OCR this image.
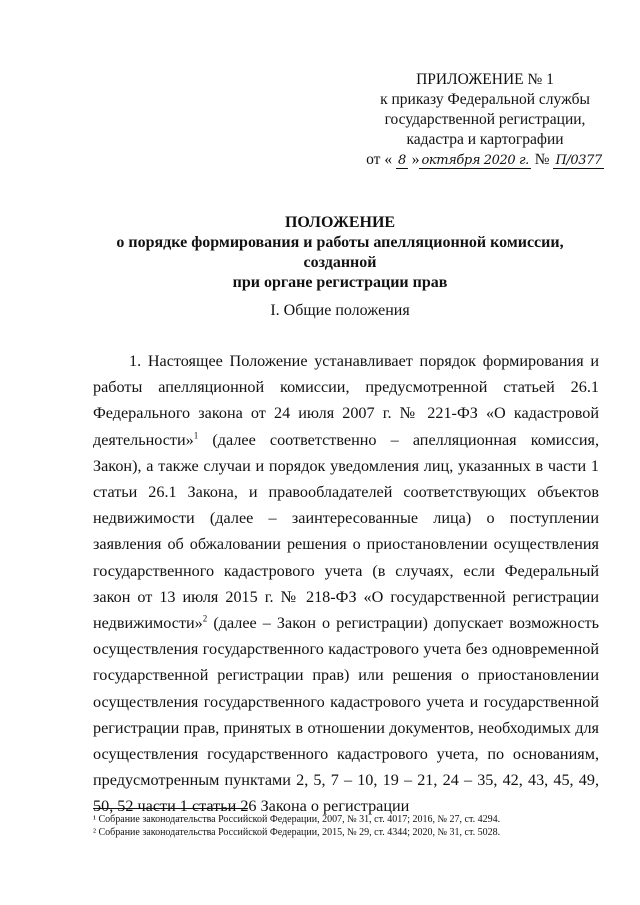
ПРИЛОЖЕНИЕ № 1
к приказу Федеральной службы
государственной регистрации,
кадастра и картографии
от « 8 » октября 2020 г. № П/0377
ПОЛОЖЕНИЕ
о порядке формирования и работы апелляционной комиссии, созданной
при органе регистрации прав
I. Общие положения

1. Настоящее Положение устанавливает порядок формирования и работы апелляционной комиссии, предусмотренной статьей 26.1 Федерального закона от 24 июля 2007 г. № 221-ФЗ «О кадастровой деятельности»$^1$ (далее соответственно – апелляционная комиссия, Закон), а также случаи и порядок уведомления лиц, указанных в части 1 статьи 26.1 Закона, и правообладателей соответствующих объектов недвижимости (далее – заинтересованные лица) о поступлении заявления об обжаловании решения о приостановлении осуществления государственного кадастрового учета (в случаях, если Федеральный закон от 13 июля 2015 г. № 218-ФЗ «О государственной регистрации недвижимости»$^2$ (далее – Закон о регистрации) допускает возможность осуществления государственного кадастрового учета без одновременной государственной регистрации прав) или решения о приостановлении осуществления государственного кадастрового учета и государственной регистрации прав, принятых в отношении документов, необходимых для осуществления государственного кадастрового учета, по основаниям, предусмотренным пунктами 2, 5, 7 – 10, 19 – 21, 24 – 35, 42, 43, 45, 49, 50, 52 части 1 статьи 26 Закона о регистрации

¹ Собрание законодательства Российской Федерации, 2007, № 31, ст. 4017; 2016, № 27, ст. 4294.
² Собрание законодательства Российской Федерации, 2015, № 29, ст. 4344; 2020, № 31, ст. 5028.
